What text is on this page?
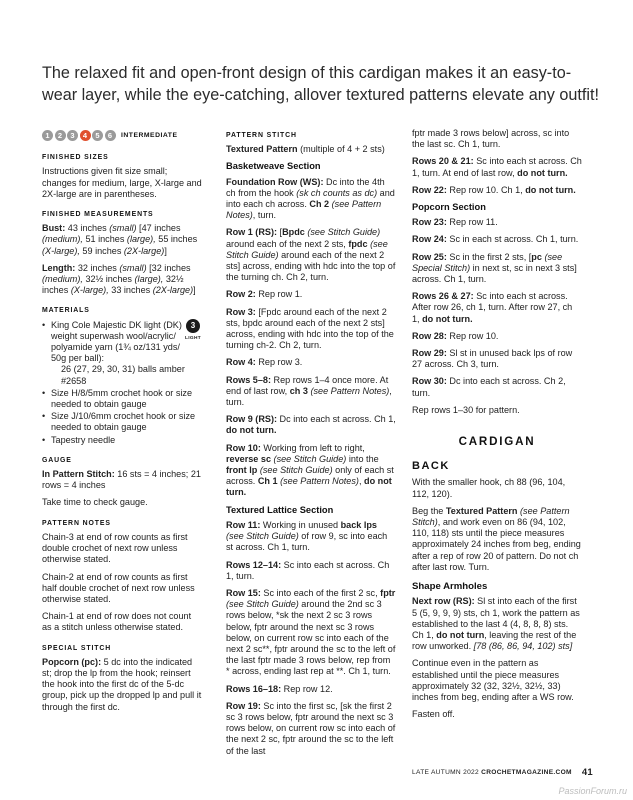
The relaxed fit and open-front design of this cardigan makes it an easy-to-wear layer, while the eye-catching, allover textured patterns elevate any outfit!
1	2	3	4	5	6	INTERMEDIATE
FINISHED SIZES

Instructions given fit size small; changes for medium, large, X-large and 2X-large are in parentheses.

FINISHED MEASUREMENTS

Bust: 43 inches (small) [47 inches (medium), 51 inches (large), 55 inches (X-large), 59 inches (2X-large)]

Length: 32 inches (small) [32 inches (medium), 32½ inches (large), 32½ inches (X-large), 33 inches (2X-large)]

MATERIALS
• King Cole Majestic DK light (DK) weight superwash wool/acrylic/ polyamide yarn (1¾ oz/131 yds/ 50g per ball):
3
LIGHT
26 (27, 29, 30, 31) balls amber #2658
• Size H/8/5mm crochet hook or size needed to obtain gauge
• Size J/10/6mm crochet hook or size needed to obtain gauge
• Tapestry needle
GAUGE

In Pattern Stitch: 16 sts = 4 inches; 21 rows = 4 inches

Take time to check gauge.

PATTERN NOTES

Chain-3 at end of row counts as first double crochet of next row unless otherwise stated.

Chain-2 at end of row counts as first half double crochet of next row unless otherwise stated.

Chain-1 at end of row does not count as a stitch unless otherwise stated.

SPECIAL STITCH

Popcorn (pc): 5 dc into the indicated st; drop the lp from the hook; reinsert the hook into the first dc of the 5-dc group, pick up the dropped lp and pull it through the first dc.

PATTERN STITCH

Textured Pattern (multiple of 4 + 2 sts)

Basketweave Section

Foundation Row (WS): Dc into the 4th ch from the hook (sk ch counts as dc) and into each ch across. Ch 2 (see Pattern Notes), turn.

Row 1 (RS): [Bpdc (see Stitch Guide) around each of the next 2 sts, fpdc (see Stitch Guide) around each of the next 2 sts] across, ending with hdc into the top of the turning ch. Ch 2, turn.

Row 2: Rep row 1.

Row 3: [Fpdc around each of the next 2 sts, bpdc around each of the next 2 sts] across, ending with hdc into the top of the turning ch-2. Ch 2, turn.

Row 4: Rep row 3.

Rows 5–8: Rep rows 1–4 once more. At end of last row, ch 3 (see Pattern Notes), turn.

Row 9 (RS): Dc into each st across. Ch 1, do not turn.

Row 10: Working from left to right, reverse sc (see Stitch Guide) into the front lp (see Stitch Guide) only of each st across. Ch 1 (see Pattern Notes), do not turn.

Textured Lattice Section

Row 11: Working in unused back lps (see Stitch Guide) of row 9, sc into each st across. Ch 1, turn.

Rows 12–14: Sc into each st across. Ch 1, turn.

Row 15: Sc into each of the first 2 sc, fptr (see Stitch Guide) around the 2nd sc 3 rows below, *sk the next 2 sc 3 rows below, fptr around the next sc 3 rows below, on current row sc into each of the next 2 sc**, fptr around the sc to the left of the last fptr made 3 rows below, rep from * across, ending last rep at **. Ch 1, turn.

Rows 16–18: Rep row 12.

Row 19: Sc into the first sc, [sk the first 2 sc 3 rows below, fptr around the next sc 3 rows below, on current row sc into each of the next 2 sc, fptr around the sc to the left of the last

fptr made 3 rows below] across, sc into the last sc. Ch 1, turn.

Rows 20 & 21: Sc into each st across. Ch 1, turn. At end of last row, do not turn.

Row 22: Rep row 10. Ch 1, do not turn.

Popcorn Section

Row 23: Rep row 11.

Row 24: Sc in each st across. Ch 1, turn.

Row 25: Sc in the first 2 sts, [pc (see Special Stitch) in next st, sc in next 3 sts] across. Ch 1, turn.

Rows 26 & 27: Sc into each st across. After row 26, ch 1, turn. After row 27, ch 1, do not turn.

Row 28: Rep row 10.

Row 29: Sl st in unused back lps of row 27 across. Ch 3, turn.

Row 30: Dc into each st across. Ch 2, turn.

Rep rows 1–30 for pattern.

CARDIGAN
BACK

With the smaller hook, ch 88 (96, 104, 112, 120).

Beg the Textured Pattern (see Pattern Stitch), and work even on 86 (94, 102, 110, 118) sts until the piece measures approximately 24 inches from beg, ending after a rep of row 20 of pattern. Do not ch after last row. Turn.

Shape Armholes

Next row (RS): Sl st into each of the first 5 (5, 9, 9, 9) sts, ch 1, work the pattern as established to the last 4 (4, 8, 8, 8) sts. Ch 1, do not turn, leaving the rest of the row unworked. [78 (86, 86, 94, 102) sts]

Continue even in the pattern as established until the piece measures approximately 32 (32, 32½, 32½, 33) inches from beg, ending after a WS row.

Fasten off.

LATE AUTUMN 2022
CROCHETMAGAZINE.COM 41
PassionForum.ru
